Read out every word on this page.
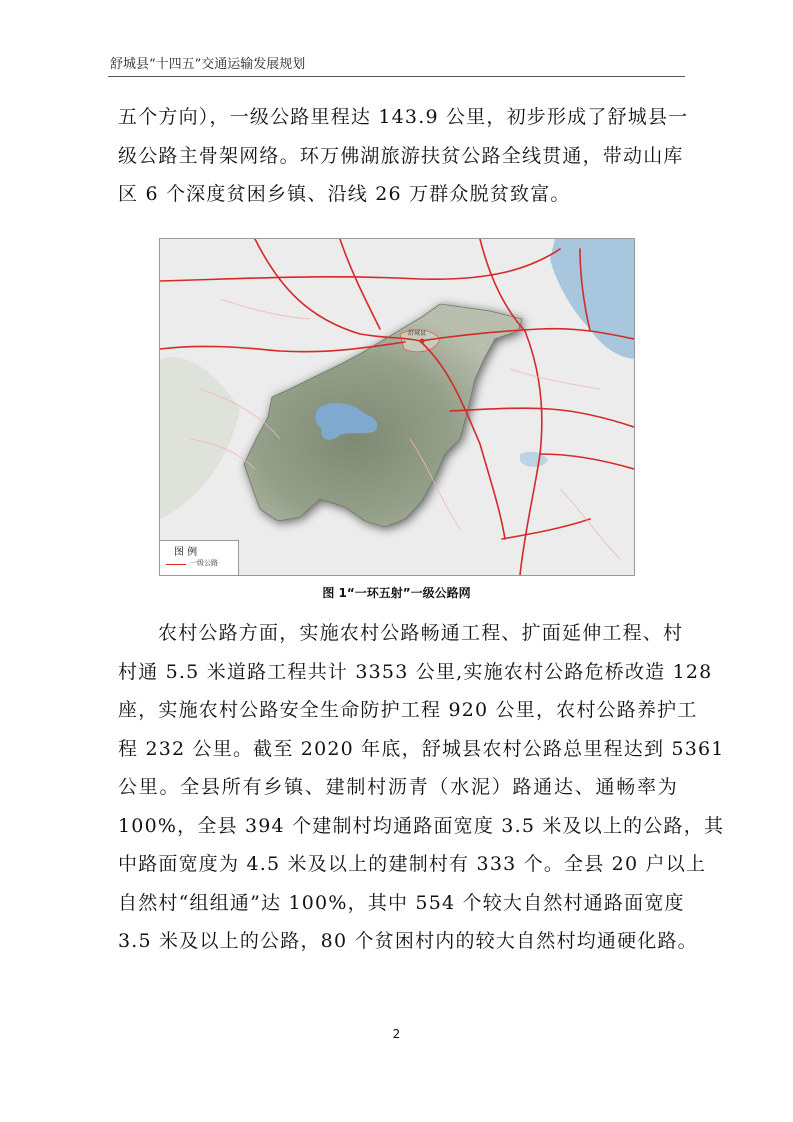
舒城县“十四五”交通运输发展规划
五个方向），一级公路里程达 143.9 公里，初步形成了舒城县一
级公路主骨架网络。环万佛湖旅游扶贫公路全线贯通，带动山库
区 6 个深度贫困乡镇、沿线 26 万群众脱贫致富。
舒城县
图 例
一级公路
图 1“一环五射”一级公路网
农村公路方面，实施农村公路畅通工程、扩面延伸工程、村
村通 5.5 米道路工程共计 3353 公里,实施农村公路危桥改造 128
座，实施农村公路安全生命防护工程 920 公里，农村公路养护工
程 232 公里。截至 2020 年底，舒城县农村公路总里程达到 5361
公里。全县所有乡镇、建制村沥青（水泥）路通达、通畅率为
100%，全县 394 个建制村均通路面宽度 3.5 米及以上的公路，其
中路面宽度为 4.5 米及以上的建制村有 333 个。全县 20 户以上
自然村“组组通”达 100%，其中 554 个较大自然村通路面宽度
3.5 米及以上的公路，80 个贫困村内的较大自然村均通硬化路。
2
